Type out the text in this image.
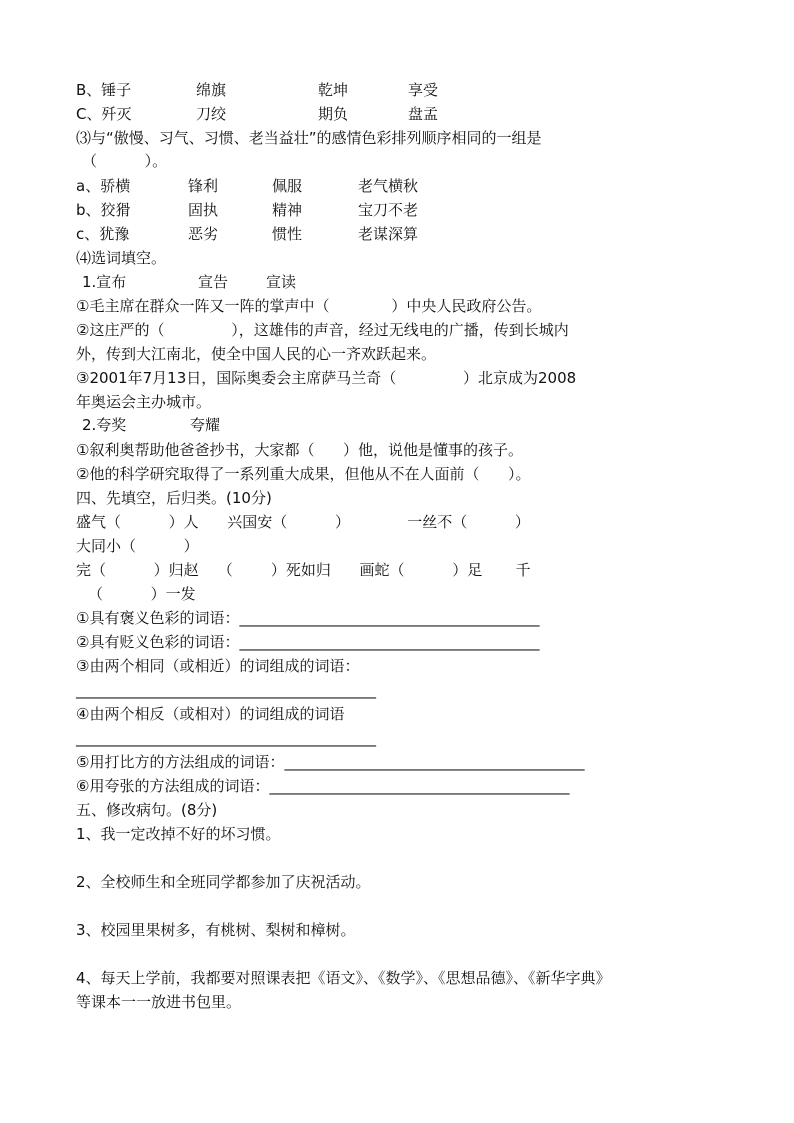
B、锤子	绵旗	乾坤	享受
C、歼灭	刀绞	期负	盘孟
⑶与“傲慢、习气、习惯、老当益壮”的感情色彩排列顺序相同的一组是
（          ）。
a、骄横	锋利	佩服	老气横秋
b、狡猾	固执	精神	宝刀不老
c、犹豫	恶劣	惯性	老谋深算
⑷选词填空。
1.宣布	宣告	宣读
①毛主席在群众一阵又一阵的掌声中（             ）中央人民政府公告。
②这庄严的（              ），这雄伟的声音，经过无线电的广播，传到长城内
外，传到大江南北，使全中国人民的心一齐欢跃起来。
③2001年7月13日，国际奥委会主席萨马兰奇（              ）北京成为2008
年奥运会主办城市。
2.夸奖	夸耀
①叙利奥帮助他爸爸抄书，大家都（      ）他，说他是懂事的孩子。
②他的科学研究取得了一系列重大成果，但他从不在人面前（      ）。
四、先填空，后归类。(10分)
盛气（          ）人      兴国安（          ）            一丝不（          ）
大同小（          ）
完（          ）归赵    （        ）死如归      画蛇（          ）足       千
（          ）一发
①具有褒义色彩的词语：________________________________________
②具有贬义色彩的词语：________________________________________
③由两个相同（或相近）的词组成的词语：
________________________________________
④由两个相反（或相对）的词组成的词语
________________________________________
⑤用打比方的方法组成的词语：________________________________________
⑥用夸张的方法组成的词语：________________________________________
五、修改病句。(8分)
1、我一定改掉不好的坏习惯。
2、全校师生和全班同学都参加了庆祝活动。
3、校园里果树多，有桃树、梨树和樟树。
4、每天上学前，我都要对照课表把《语文》、《数学》、《思想品德》、《新华字典》
等课本一一放进书包里。
